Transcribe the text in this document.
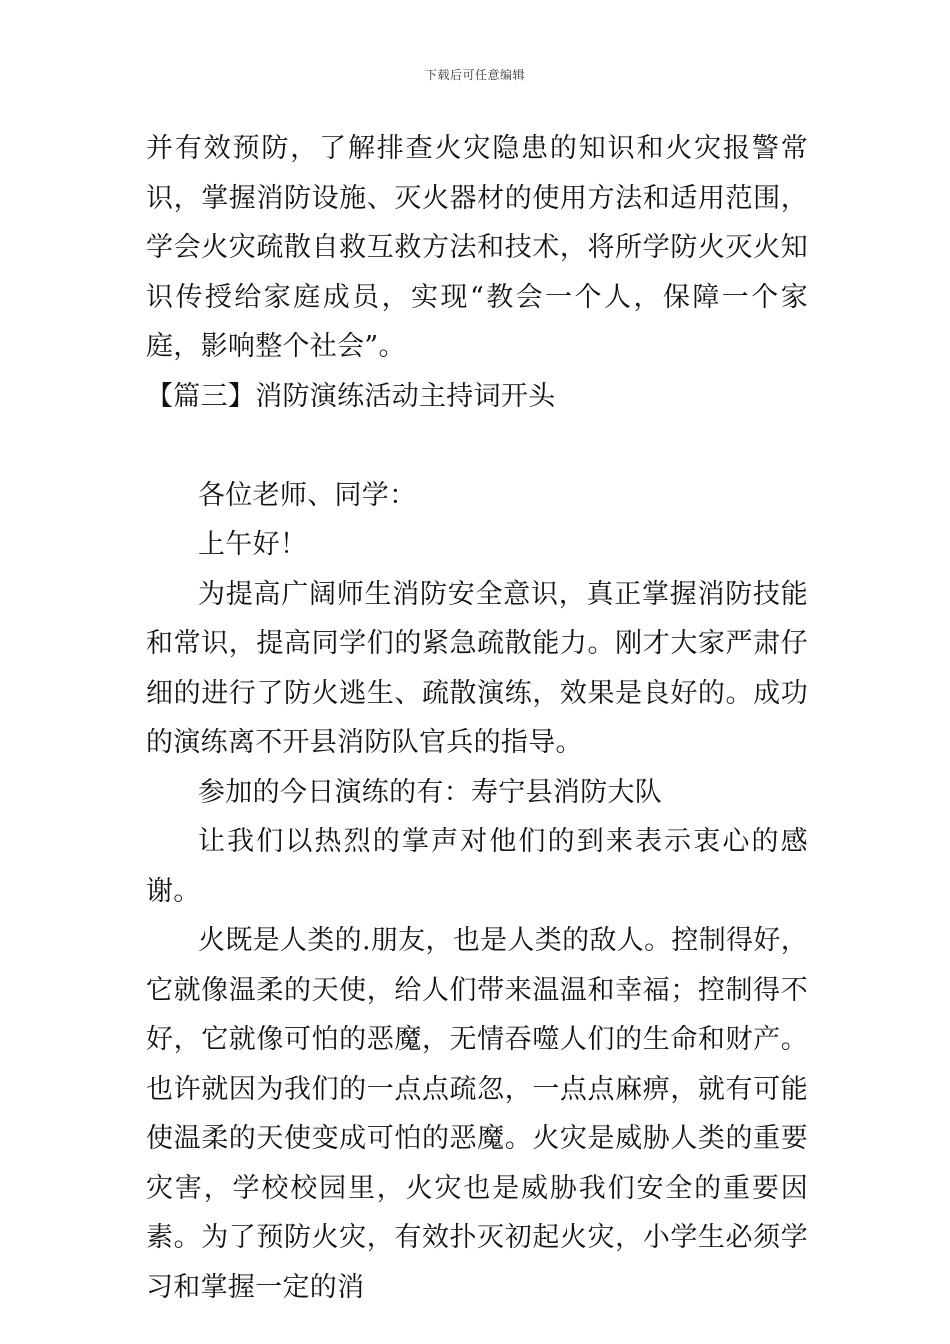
下载后可任意编辑

并有效预防，了解排查火灾隐患的知识和火灾报警常识，掌握消防设施、灭火器材的使用方法和适用范围，学会火灾疏散自救互救方法和技术，将所学防火灭火知识传授给家庭成员，实现“教会一个人，保障一个家庭，影响整个社会”。

【篇三】消防演练活动主持词开头

各位老师、同学：

上午好！

为提高广阔师生消防安全意识，真正掌握消防技能和常识，提高同学们的紧急疏散能力。刚才大家严肃仔细的进行了防火逃生、疏散演练，效果是良好的。成功的演练离不开县消防队官兵的指导。

参加的今日演练的有：寿宁县消防大队

让我们以热烈的掌声对他们的到来表示衷心的感谢。

火既是人类的.朋友，也是人类的敌人。控制得好，它就像温柔的天使，给人们带来温温和幸福；控制得不好，它就像可怕的恶魔，无情吞噬人们的生命和财产。也许就因为我们的一点点疏忽，一点点麻痹，就有可能使温柔的天使变成可怕的恶魔。火灾是威胁人类的重要灾害，学校校园里，火灾也是威胁我们安全的重要因素。为了预防火灾，有效扑灭初起火灾，小学生必须学习和掌握一定的消
